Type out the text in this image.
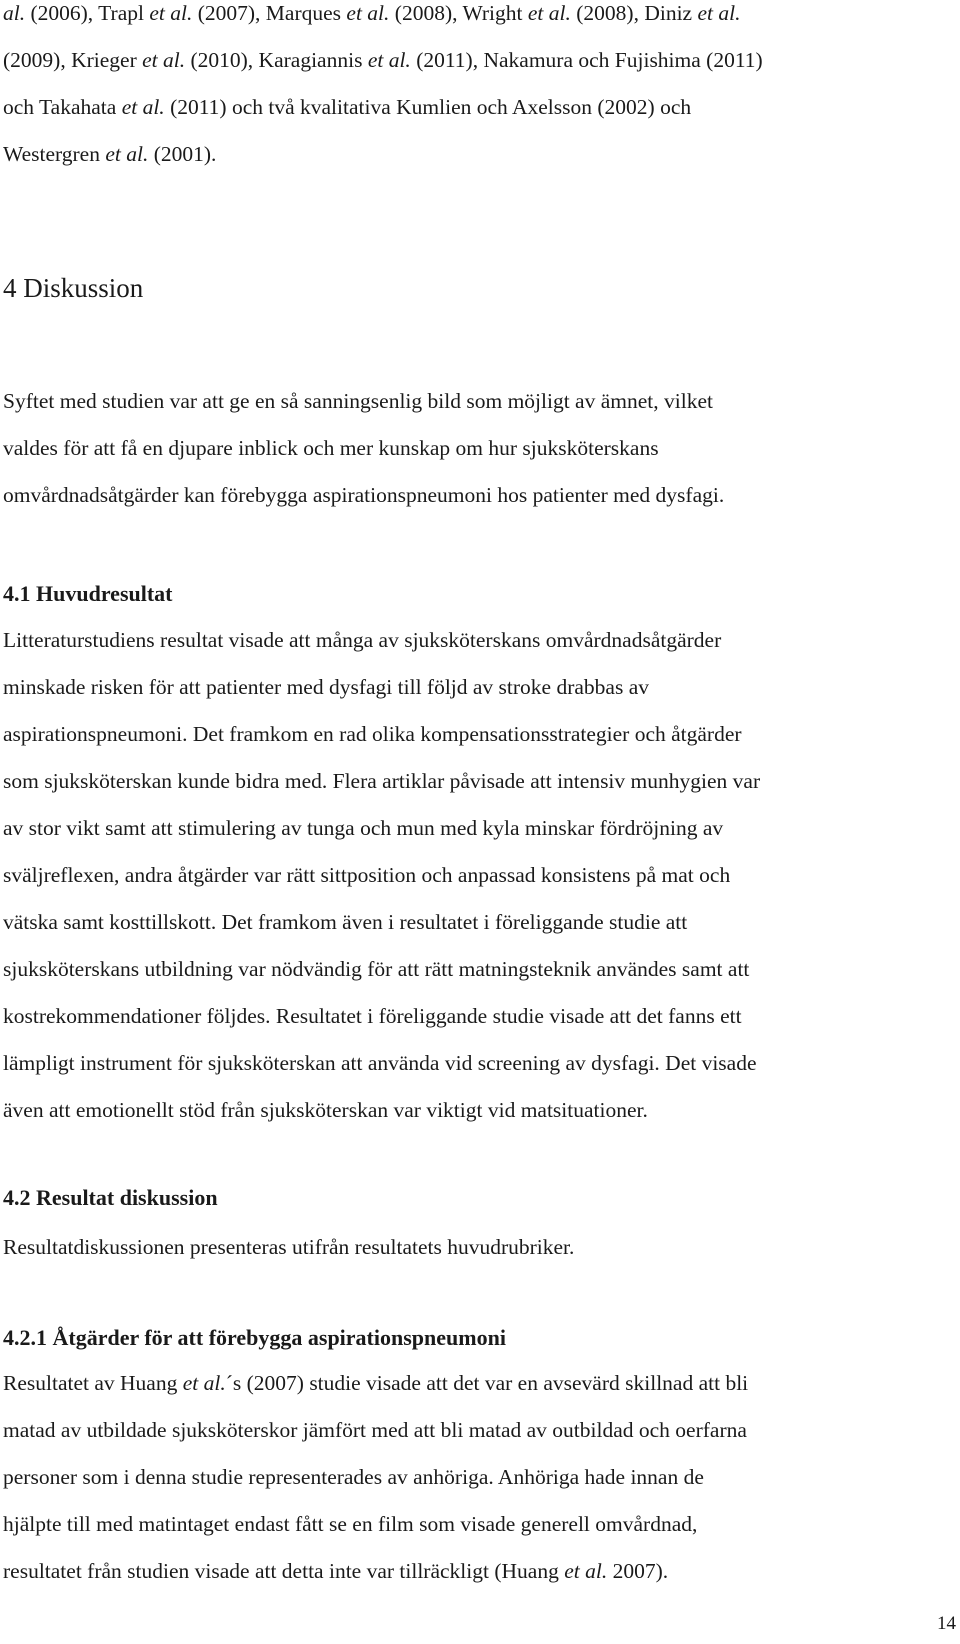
al. (2006), Trapl et al. (2007), Marques et al. (2008), Wright et al. (2008), Diniz et al.
(2009), Krieger et al. (2010), Karagiannis et al. (2011), Nakamura och Fujishima (2011)
och Takahata et al. (2011) och två kvalitativa Kumlien och Axelsson (2002) och
Westergren et al. (2001).

4 Diskussion

Syftet med studien var att ge en så sanningsenlig bild som möjligt av ämnet, vilket
valdes för att få en djupare inblick och mer kunskap om hur sjuksköterskans
omvårdnadsåtgärder kan förebygga aspirationspneumoni hos patienter med dysfagi.

4.1 Huvudresultat

Litteraturstudiens resultat visade att många av sjuksköterskans omvårdnadsåtgärder
minskade risken för att patienter med dysfagi till följd av stroke drabbas av
aspirationspneumoni. Det framkom en rad olika kompensationsstrategier och åtgärder
som sjuksköterskan kunde bidra med. Flera artiklar påvisade att intensiv munhygien var
av stor vikt samt att stimulering av tunga och mun med kyla minskar fördröjning av
sväljreflexen, andra åtgärder var rätt sittposition och anpassad konsistens på mat och
vätska samt kosttillskott. Det framkom även i resultatet i föreliggande studie att
sjuksköterskans utbildning var nödvändig för att rätt matningsteknik användes samt att
kostrekommendationer följdes. Resultatet i föreliggande studie visade att det fanns ett
lämpligt instrument för sjuksköterskan att använda vid screening av dysfagi. Det visade
även att emotionellt stöd från sjuksköterskan var viktigt vid matsituationer.

4.2 Resultat diskussion

Resultatdiskussionen presenteras utifrån resultatets huvudrubriker.

4.2.1 Åtgärder för att förebygga aspirationspneumoni

Resultatet av Huang et al.´s (2007) studie visade att det var en avsevärd skillnad att bli
matad av utbildade sjuksköterskor jämfört med att bli matad av outbildad och oerfarna
personer som i denna studie representerades av anhöriga. Anhöriga hade innan de
hjälpte till med matintaget endast fått se en film som visade generell omvårdnad,
resultatet från studien visade att detta inte var tillräckligt (Huang et al. 2007).

14
